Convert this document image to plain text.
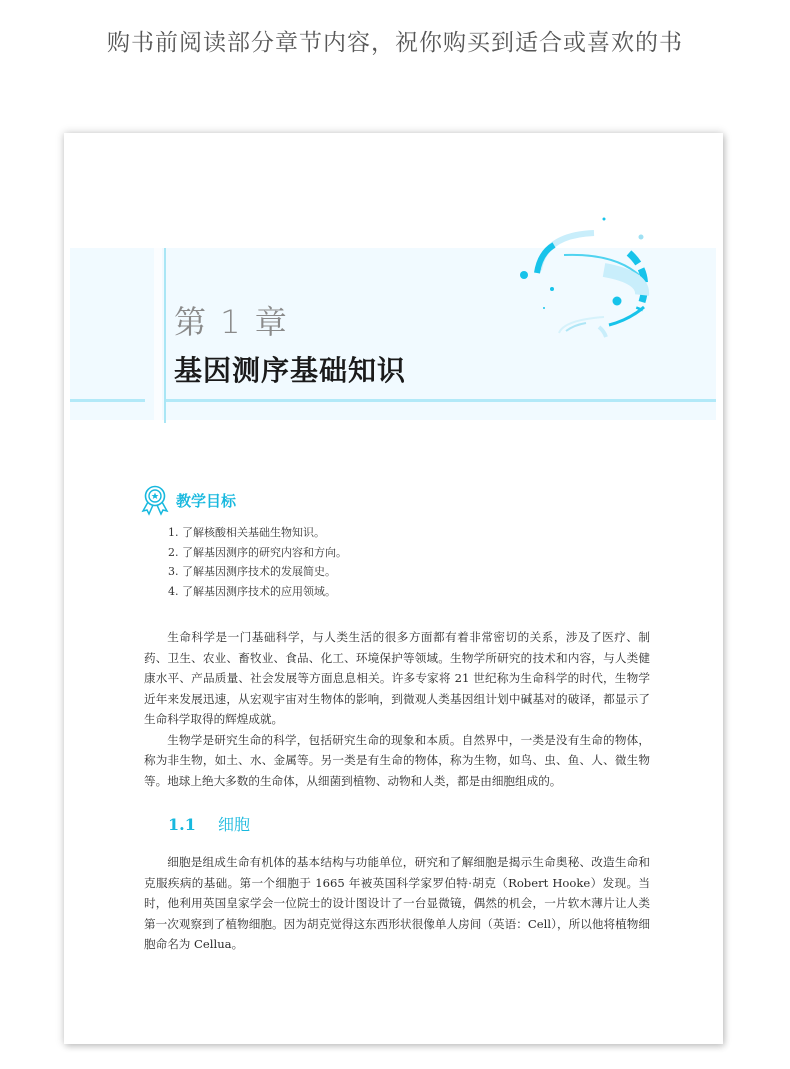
购书前阅读部分章节内容，祝你购买到适合或喜欢的书
第 1 章
基因测序基础知识
教学目标
1. 了解核酸相关基础生物知识。
2. 了解基因测序的研究内容和方向。
3. 了解基因测序技术的发展简史。
4. 了解基因测序技术的应用领域。

生命科学是一门基础科学，与人类生活的很多方面都有着非常密切的关系，涉及了医疗、制药、卫生、农业、畜牧业、食品、化工、环境保护等领域。生物学所研究的技术和内容，与人类健康水平、产品质量、社会发展等方面息息相关。许多专家将 21 世纪称为生命科学的时代，生物学近年来发展迅速，从宏观宇宙对生物体的影响，到微观人类基因组计划中碱基对的破译，都显示了生命科学取得的辉煌成就。

生物学是研究生命的科学，包括研究生命的现象和本质。自然界中，一类是没有生命的物体，称为非生物，如土、水、金属等。另一类是有生命的物体，称为生物，如鸟、虫、鱼、人、微生物等。地球上绝大多数的生命体，从细菌到植物、动物和人类，都是由细胞组成的。

1.1	细胞

细胞是组成生命有机体的基本结构与功能单位，研究和了解细胞是揭示生命奥秘、改造生命和克服疾病的基础。第一个细胞于 1665 年被英国科学家罗伯特·胡克（Robert Hooke）发现。当时，他利用英国皇家学会一位院士的设计图设计了一台显微镜，偶然的机会，一片软木薄片让人类第一次观察到了植物细胞。因为胡克觉得这东西形状很像单人房间（英语：Cell），所以他将植物细胞命名为 Cellua。
